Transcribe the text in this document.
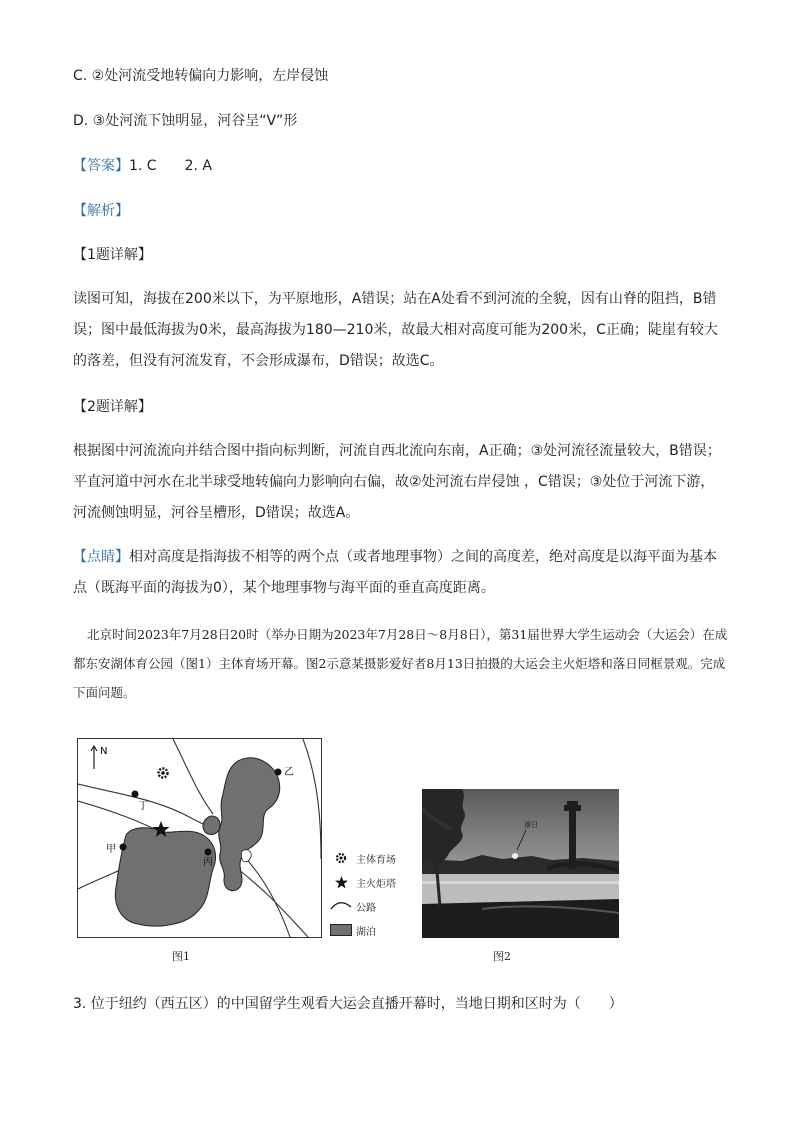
C. ②处河流受地转偏向力影响，左岸侵蚀
D. ③处河流下蚀明显，河谷呈“V”形
【答案】1. C　　2. A
【解析】
【1题详解】
读图可知，海拔在200米以下，为平原地形，A错误；站在A处看不到河流的全貌，因有山脊的阻挡，B错误；图中最低海拔为0米，最高海拔为180—210米，故最大相对高度可能为200米，C正确；陡崖有较大的落差，但没有河流发育，不会形成瀑布，D错误；故选C。
【2题详解】
根据图中河流流向并结合图中指向标判断，河流自西北流向东南，A正确；③处河流径流量较大，B错误；平直河道中河水在北半球受地转偏向力影响向右偏，故②处河流右岸侵蚀 ，C错误；③处位于河流下游，河流侧蚀明显，河谷呈槽形，D错误；故选A。
【点睛】相对高度是指海拔不相等的两个点（或者地理事物）之间的高度差，绝对高度是以海平面为基本点（既海平面的海拔为0），某个地理事物与海平面的垂直高度距离。
北京时间2023年7月28日20时（举办日期为2023年7月28日～8月8日），第31届世界大学生运动会（大运会）在成都东安湖体育公园（图1）主体育场开幕。图2示意某摄影爱好者8月13日拍摄的大运会主火炬塔和落日同框景观。完成下面问题。
N
丁
甲
丙
乙
主体育场
主火炬塔
公路
湖泊
图1
落日
图2
3. 位于纽约（西五区）的中国留学生观看大运会直播开幕时，当地日期和区时为（　　）
